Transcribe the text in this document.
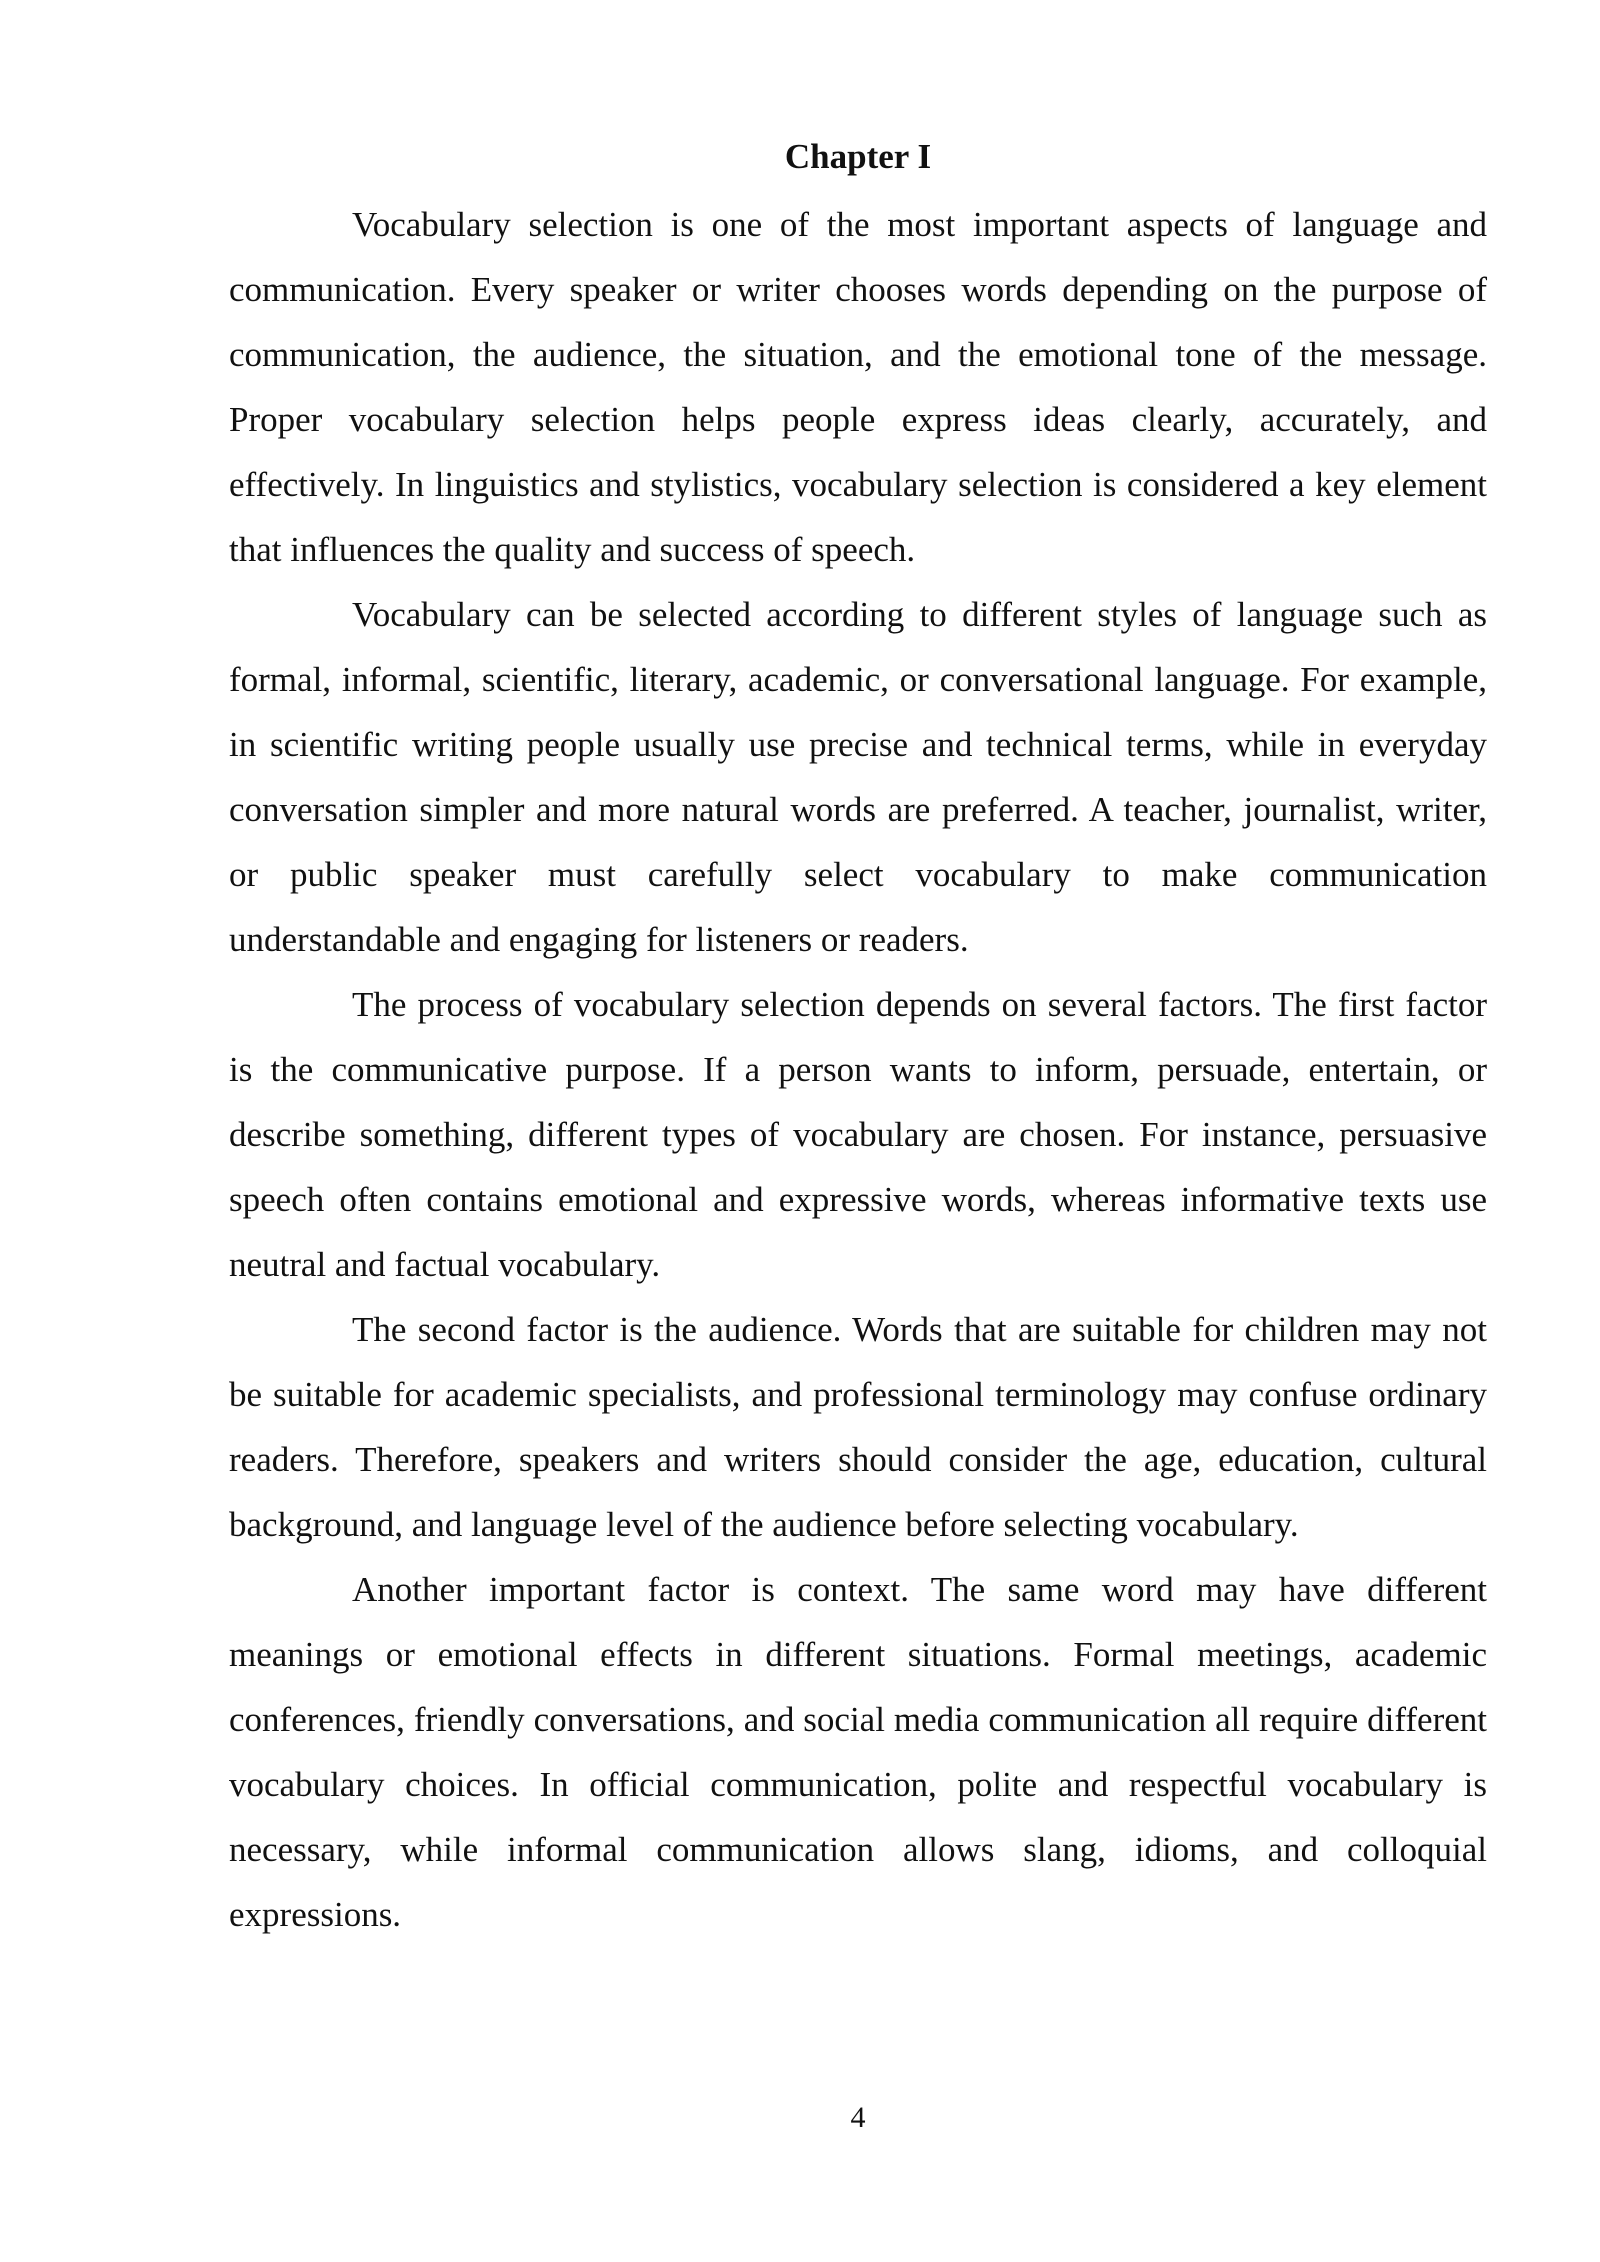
Chapter I

Vocabulary selection is one of the most important aspects of language and communication. Every speaker or writer chooses words depending on the purpose of communication, the audience, the situation, and the emotional tone of the message. Proper vocabulary selection helps people express ideas clearly, accurately, and effectively. In linguistics and stylistics, vocabulary selection is considered a key element that influences the quality and success of speech.

Vocabulary can be selected according to different styles of language such as formal, informal, scientific, literary, academic, or conversational language. For example, in scientific writing people usually use precise and technical terms, while in everyday conversation simpler and more natural words are preferred. A teacher, journalist, writer, or public speaker must carefully select vocabulary to make communication understandable and engaging for listeners or readers.

The process of vocabulary selection depends on several factors. The first factor is the communicative purpose. If a person wants to inform, persuade, entertain, or describe something, different types of vocabulary are chosen. For instance, persuasive speech often contains emotional and expressive words, whereas informative texts use neutral and factual vocabulary.

The second factor is the audience. Words that are suitable for children may not be suitable for academic specialists, and professional terminology may confuse ordinary readers. Therefore, speakers and writers should consider the age, education, cultural background, and language level of the audience before selecting vocabulary.

Another important factor is context. The same word may have different meanings or emotional effects in different situations. Formal meetings, academic conferences, friendly conversations, and social media communication all require different vocabulary choices. In official communication, polite and respectful vocabulary is necessary, while informal communication allows slang, idioms, and colloquial expressions.

4
